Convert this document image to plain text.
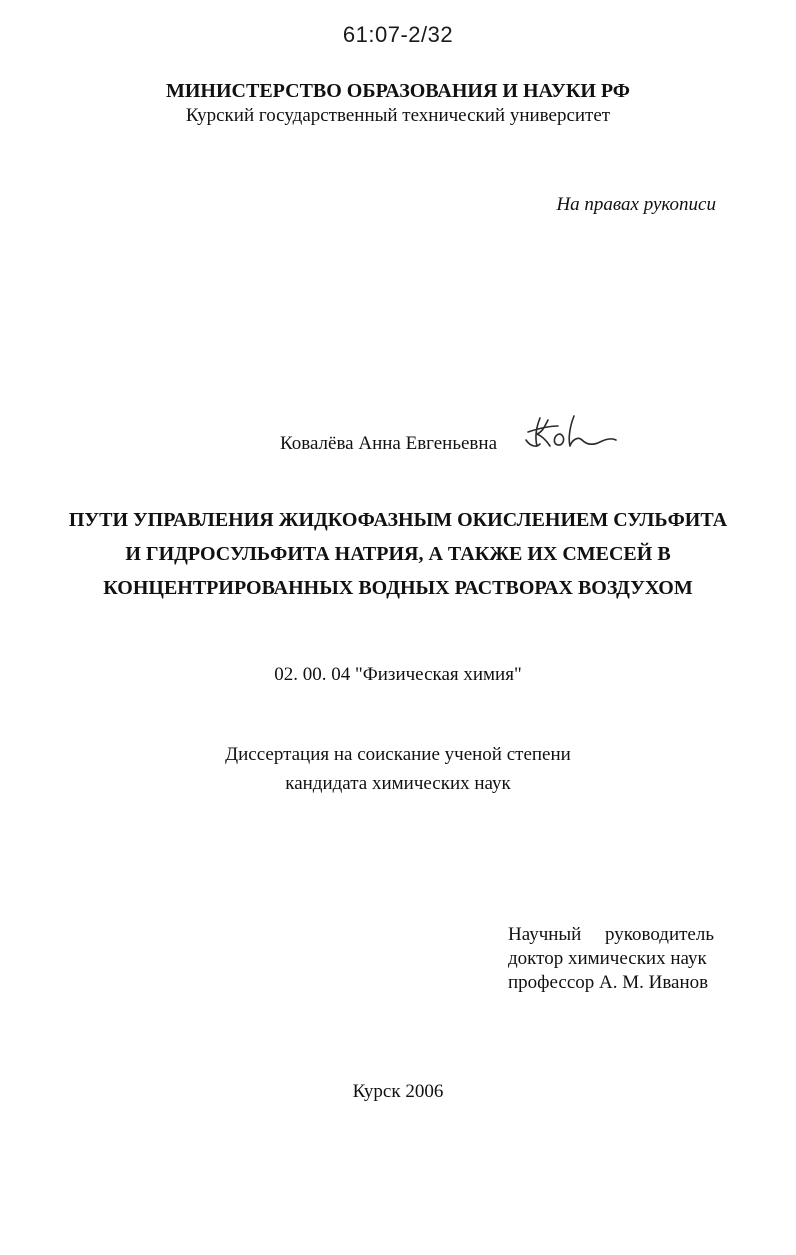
61:07-2/32
МИНИСТЕРСТВО ОБРАЗОВАНИЯ И НАУКИ РФ
Курский государственный технический университет
На правах рукописи
Ковалёва Анна Евгеньевна
ПУТИ УПРАВЛЕНИЯ ЖИДКОФАЗНЫМ ОКИСЛЕНИЕМ СУЛЬФИТА
И ГИДРОСУЛЬФИТА НАТРИЯ, А ТАКЖЕ ИХ СМЕСЕЙ В
КОНЦЕНТРИРОВАННЫХ ВОДНЫХ РАСТВОРАХ ВОЗДУХОМ
02. 00. 04 "Физическая химия"
Диссертация на соискание ученой степени
кандидата химических наук
Научный руководитель
доктор химических наук
профессор А. М. Иванов
Курск 2006
